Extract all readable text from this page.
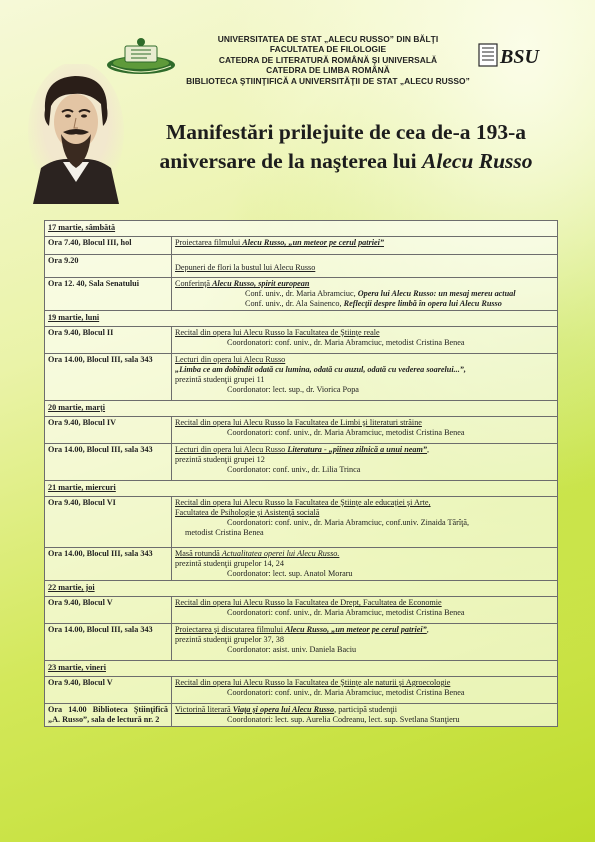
UNIVERSITATEA DE STAT „ALECU RUSSO” DIN BĂLŢI
FACULTATEA DE FILOLOGIE
CATEDRA DE LITERATURĂ ROMÂNĂ ŞI UNIVERSALĂ
CATEDRA DE LIMBA ROMÂNĂ
BIBLIOTECA ŞTIINŢIFICĂ A UNIVERSITĂŢII DE STAT „ALECU RUSSO”
BSU
Manifestări prilejuite de cea de-a 193-a
aniversare de la naşterea lui Alecu Russo
17 martie, sâmbătă	
Ora 7.40, Blocul III, hol	Proiectarea filmului Alecu Russo, „un meteor pe cerul patriei”

Ora 9.20	Depuneri de flori la bustul lui Alecu Russo
Ora 12. 40, Sala Senatului	Conferinţă Alecu Russo, spirit european
Conf. univ., dr. Maria Abramciuc, Opera lui Alecu Russo: un mesaj mereu actual
Conf. univ., dr. Ala Sainenco, Reflecţii despre limbă în opera lui Alecu Russo

19 martie, luni	
Ora 9.40, Blocul II	Recital din opera lui Alecu Russo la Facultatea de Ştiinţe reale
Coordonatori: conf. univ., dr. Maria Abramciuc, metodist Cristina Benea

Ora 14.00, Blocul III, sala 343	Lecturi din opera lui Alecu Russo
„Limba ce am dobîndit odată cu lumina, odată cu auzul, odată cu vederea soarelui...”,
prezintă studenţii grupei 11
Coordonator: lect. sup., dr. Viorica Popa

20 martie, marţi	
Ora 9.40, Blocul IV	Recital din opera lui Alecu Russo la Facultatea de Limbi şi literaturi străine
Coordonatori: conf. univ., dr. Maria Abramciuc, metodist Cristina Benea

Ora 14.00, Blocul III, sala 343	Lecturi din opera lui Alecu Russo Literatura - „pîinea zilnică a unui neam”,
prezintă studenţii grupei 12
Coordonator: conf. univ., dr. Lilia Trinca

21 martie, miercuri	
Ora 9.40, Blocul VI	Recital din opera lui Alecu Russo la Facultatea de Ştiinţe ale educaţiei şi Arte,
Facultatea de Psihologie şi Asistenţă socială
Coordonatori: conf. univ., dr. Maria Abramciuc, conf.univ. Zinaida Tărîţă,
metodist Cristina Benea

Ora 14.00, Blocul III, sala 343	Masă rotundă Actualitatea operei lui Alecu Russo.
prezintă studenţii grupelor 14, 24
Coordonator: lect. sup. Anatol Moraru

22 martie, joi	
Ora 9.40, Blocul V	Recital din opera lui Alecu Russo la Facultatea de Drept, Facultatea de Economie
Coordonatori: conf. univ., dr. Maria Abramciuc, metodist Cristina Benea

Ora 14.00, Blocul III, sala 343	Proiectarea şi discutarea filmului Alecu Russo, „un meteor pe cerul patriei”,
prezintă studenţii grupelor 37, 38
Coordonator: asist. univ. Daniela Baciu

23 martie, vineri	
Ora 9.40, Blocul V	Recital din opera lui Alecu Russo la Facultatea de Ştiinţe ale naturii şi Agroecologie
Coordonatori: conf. univ., dr. Maria Abramciuc, metodist Cristina Benea

Ora 14.00 Biblioteca Ştiinţifică „A. Russo”, sala de lectură nr. 2	Victorină literară Viaţa şi opera lui Alecu Russo, participă studenţii
Coordonatori: lect. sup. Aurelia Codreanu, lect. sup. Svetlana Stanţieru
